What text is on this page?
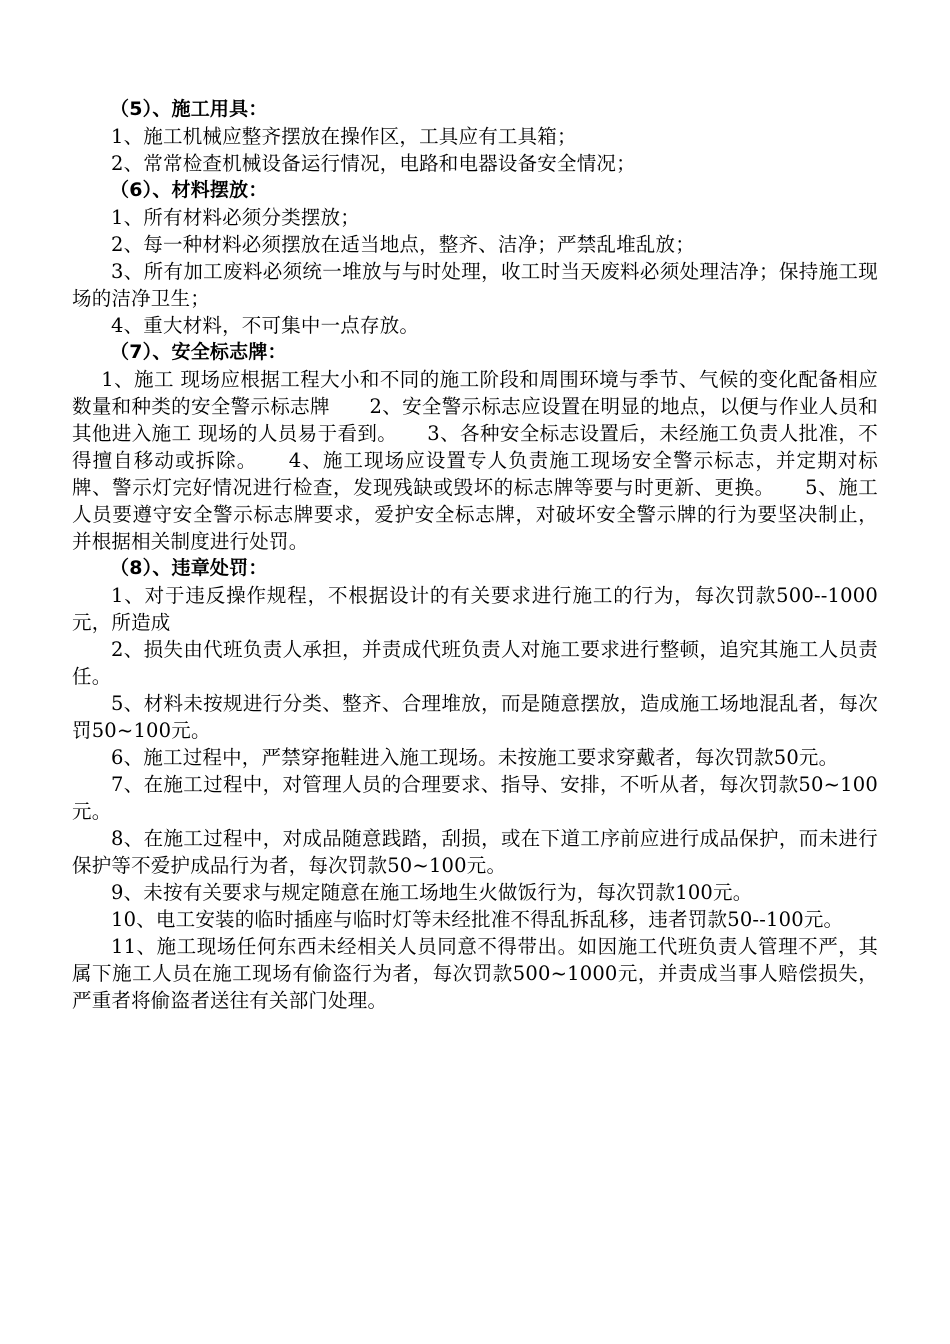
（5）、施工用具：

1、施工机械应整齐摆放在操作区，工具应有工具箱；

2、常常检查机械设备运行情况，电路和电器设备安全情况；

（6）、材料摆放：

1、所有材料必须分类摆放；

2、每一种材料必须摆放在适当地点，整齐、洁净；严禁乱堆乱放；

3、所有加工废料必须统一堆放与与时处理，收工时当天废料必须处理洁净；保持施工现场的洁净卫生；

4、重大材料，不可集中一点存放。

（7）、安全标志牌：

1、施工 现场应根据工程大小和不同的施工阶段和周围环境与季节、气候的变化配备相应数量和种类的安全警示标志牌　　2、安全警示标志应设置在明显的地点，以便与作业人员和其他进入施工 现场的人员易于看到。　　3、各种安全标志设置后，未经施工负责人批准，不得擅自移动或拆除。　　4、施工现场应设置专人负责施工现场安全警示标志，并定期对标牌、警示灯完好情况进行检查，发现残缺或毁坏的标志牌等要与时更新、更换。　　5、施工 人员要遵守安全警示标志牌要求，爱护安全标志牌，对破坏安全警示牌的行为要坚决制止，并根据相关制度进行处罚。

（8）、违章处罚：

1、对于违反操作规程，不根据设计的有关要求进行施工的行为，每次罚款500--1000元，所造成

2、损失由代班负责人承担，并责成代班负责人对施工要求进行整顿，追究其施工人员责任。

5、材料未按规进行分类、整齐、合理堆放，而是随意摆放，造成施工场地混乱者，每次罚50~100元。

6、施工过程中，严禁穿拖鞋进入施工现场。未按施工要求穿戴者，每次罚款50元。

7、在施工过程中，对管理人员的合理要求、指导、安排，不听从者，每次罚款50~100元。

8、在施工过程中，对成品随意践踏，刮损，或在下道工序前应进行成品保护，而未进行保护等不爱护成品行为者，每次罚款50~100元。

9、未按有关要求与规定随意在施工场地生火做饭行为，每次罚款100元。

10、电工安装的临时插座与临时灯等未经批准不得乱拆乱移，违者罚款50--100元。

11、施工现场任何东西未经相关人员同意不得带出。如因施工代班负责人管理不严，其属下施工人员在施工现场有偷盗行为者，每次罚款500~1000元，并责成当事人赔偿损失，严重者将偷盗者送往有关部门处理。
